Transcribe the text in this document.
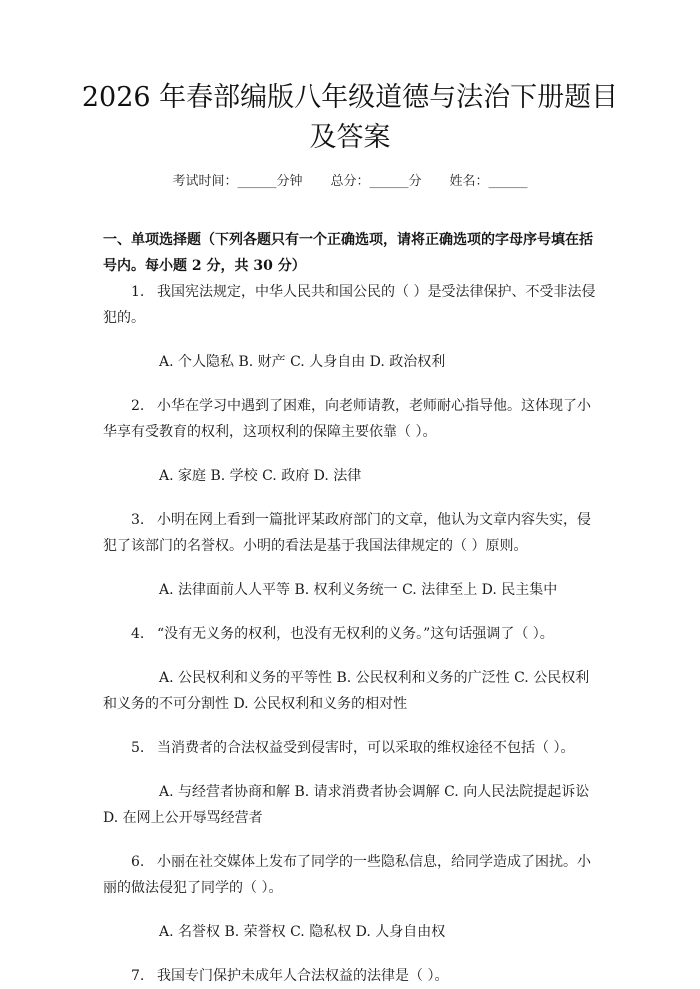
2026 年春部编版八年级道德与法治下册题目
及答案
考试时间：______分钟 总分：______分 姓名：______
一、单项选择题（下列各题只有一个正确选项，请将正确选项的字母序号填在括号内。每小题 2 分，共 30 分）

1. 我国宪法规定，中华人民共和国公民的（ ）是受法律保护、不受非法侵犯的。

A. 个人隐私 B. 财产 C. 人身自由 D. 政治权利

2. 小华在学习中遇到了困难，向老师请教，老师耐心指导他。这体现了小华享有受教育的权利，这项权利的保障主要依靠（ ）。

A. 家庭 B. 学校 C. 政府 D. 法律

3. 小明在网上看到一篇批评某政府部门的文章，他认为文章内容失实，侵犯了该部门的名誉权。小明的看法是基于我国法律规定的（ ）原则。

A. 法律面前人人平等 B. 权利义务统一 C. 法律至上 D. 民主集中

4. “没有无义务的权利，也没有无权利的义务。”这句话强调了（ ）。

A. 公民权利和义务的平等性 B. 公民权利和义务的广泛性 C. 公民权利和义务的不可分割性 D. 公民权利和义务的相对性

5. 当消费者的合法权益受到侵害时，可以采取的维权途径不包括（ ）。

A. 与经营者协商和解 B. 请求消费者协会调解 C. 向人民法院提起诉讼 D. 在网上公开辱骂经营者

6. 小丽在社交媒体上发布了同学的一些隐私信息，给同学造成了困扰。小丽的做法侵犯了同学的（ ）。

A. 名誉权 B. 荣誉权 C. 隐私权 D. 人身自由权

7. 我国专门保护未成年人合法权益的法律是（ ）。
